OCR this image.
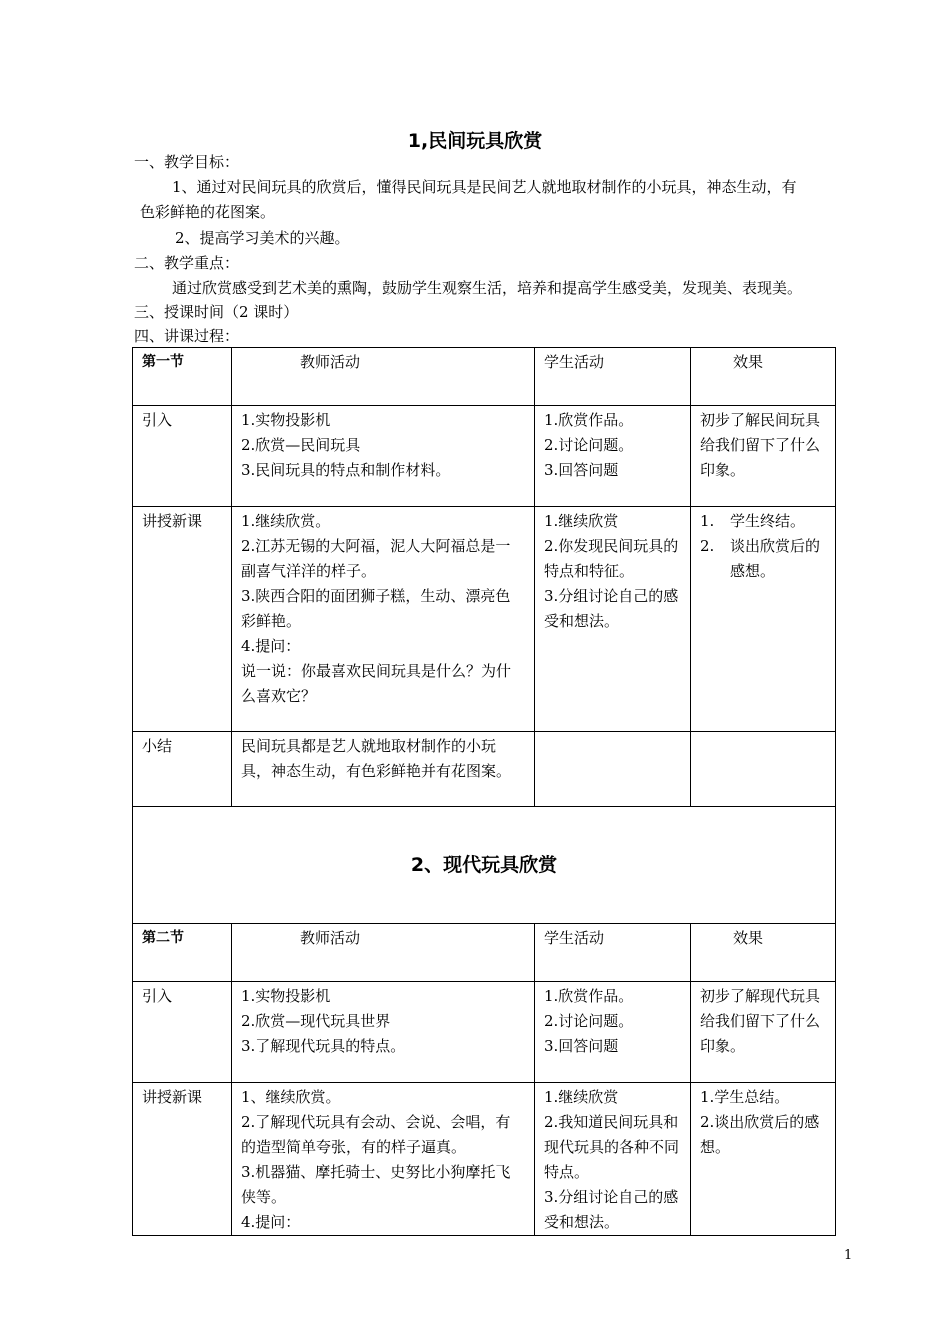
1,民间玩具欣赏
一、教学目标：
1、通过对民间玩具的欣赏后，懂得民间玩具是民间艺人就地取材制作的小玩具，神态生动，有
色彩鲜艳的花图案。
2、提高学习美术的兴趣。
二、教学重点：
通过欣赏感受到艺术美的熏陶，鼓励学生观察生活，培养和提高学生感受美，发现美、表现美。
三、授课时间（2 课时）
四、讲课过程：
第一节	教师活动	学生活动	效果
引入	1.实物投影机
2.欣赏—民间玩具
3.民间玩具的特点和制作材料。	1.欣赏作品。
2.讨论问题。
3.回答问题	初步了解民间玩具给我们留下了什么印象。
讲授新课	1.继续欣赏。
2.江苏无锡的大阿福，泥人大阿福总是一副喜气洋洋的样子。
3.陕西合阳的面团狮子糕，生动、漂亮色彩鲜艳。
4.提问：
说一说：你最喜欢民间玩具是什么？为什么喜欢它？	1.继续欣赏
2.你发现民间玩具的特点和特征。
3.分组讨论自己的感受和想法。	1. 学生终结。
2. 谈出欣赏后的感想。

小结	民间玩具都是艺人就地取材制作的小玩具，神态生动，有色彩鲜艳并有花图案。		
2、现代玩具欣赏			
第二节	教师活动	学生活动	效果
引入	1.实物投影机
2.欣赏—现代玩具世界
3.了解现代玩具的特点。	1.欣赏作品。
2.讨论问题。
3.回答问题	初步了解现代玩具给我们留下了什么印象。
讲授新课	1、继续欣赏。
2.了解现代玩具有会动、会说、会唱，有的造型简单夸张，有的样子逼真。
3.机器猫、摩托骑士、史努比小狗摩托飞侠等。
4.提问：	1.继续欣赏
2.我知道民间玩具和现代玩具的各种不同特点。
3.分组讨论自己的感受和想法。	1.学生总结。
2.谈出欣赏后的感想。
1
